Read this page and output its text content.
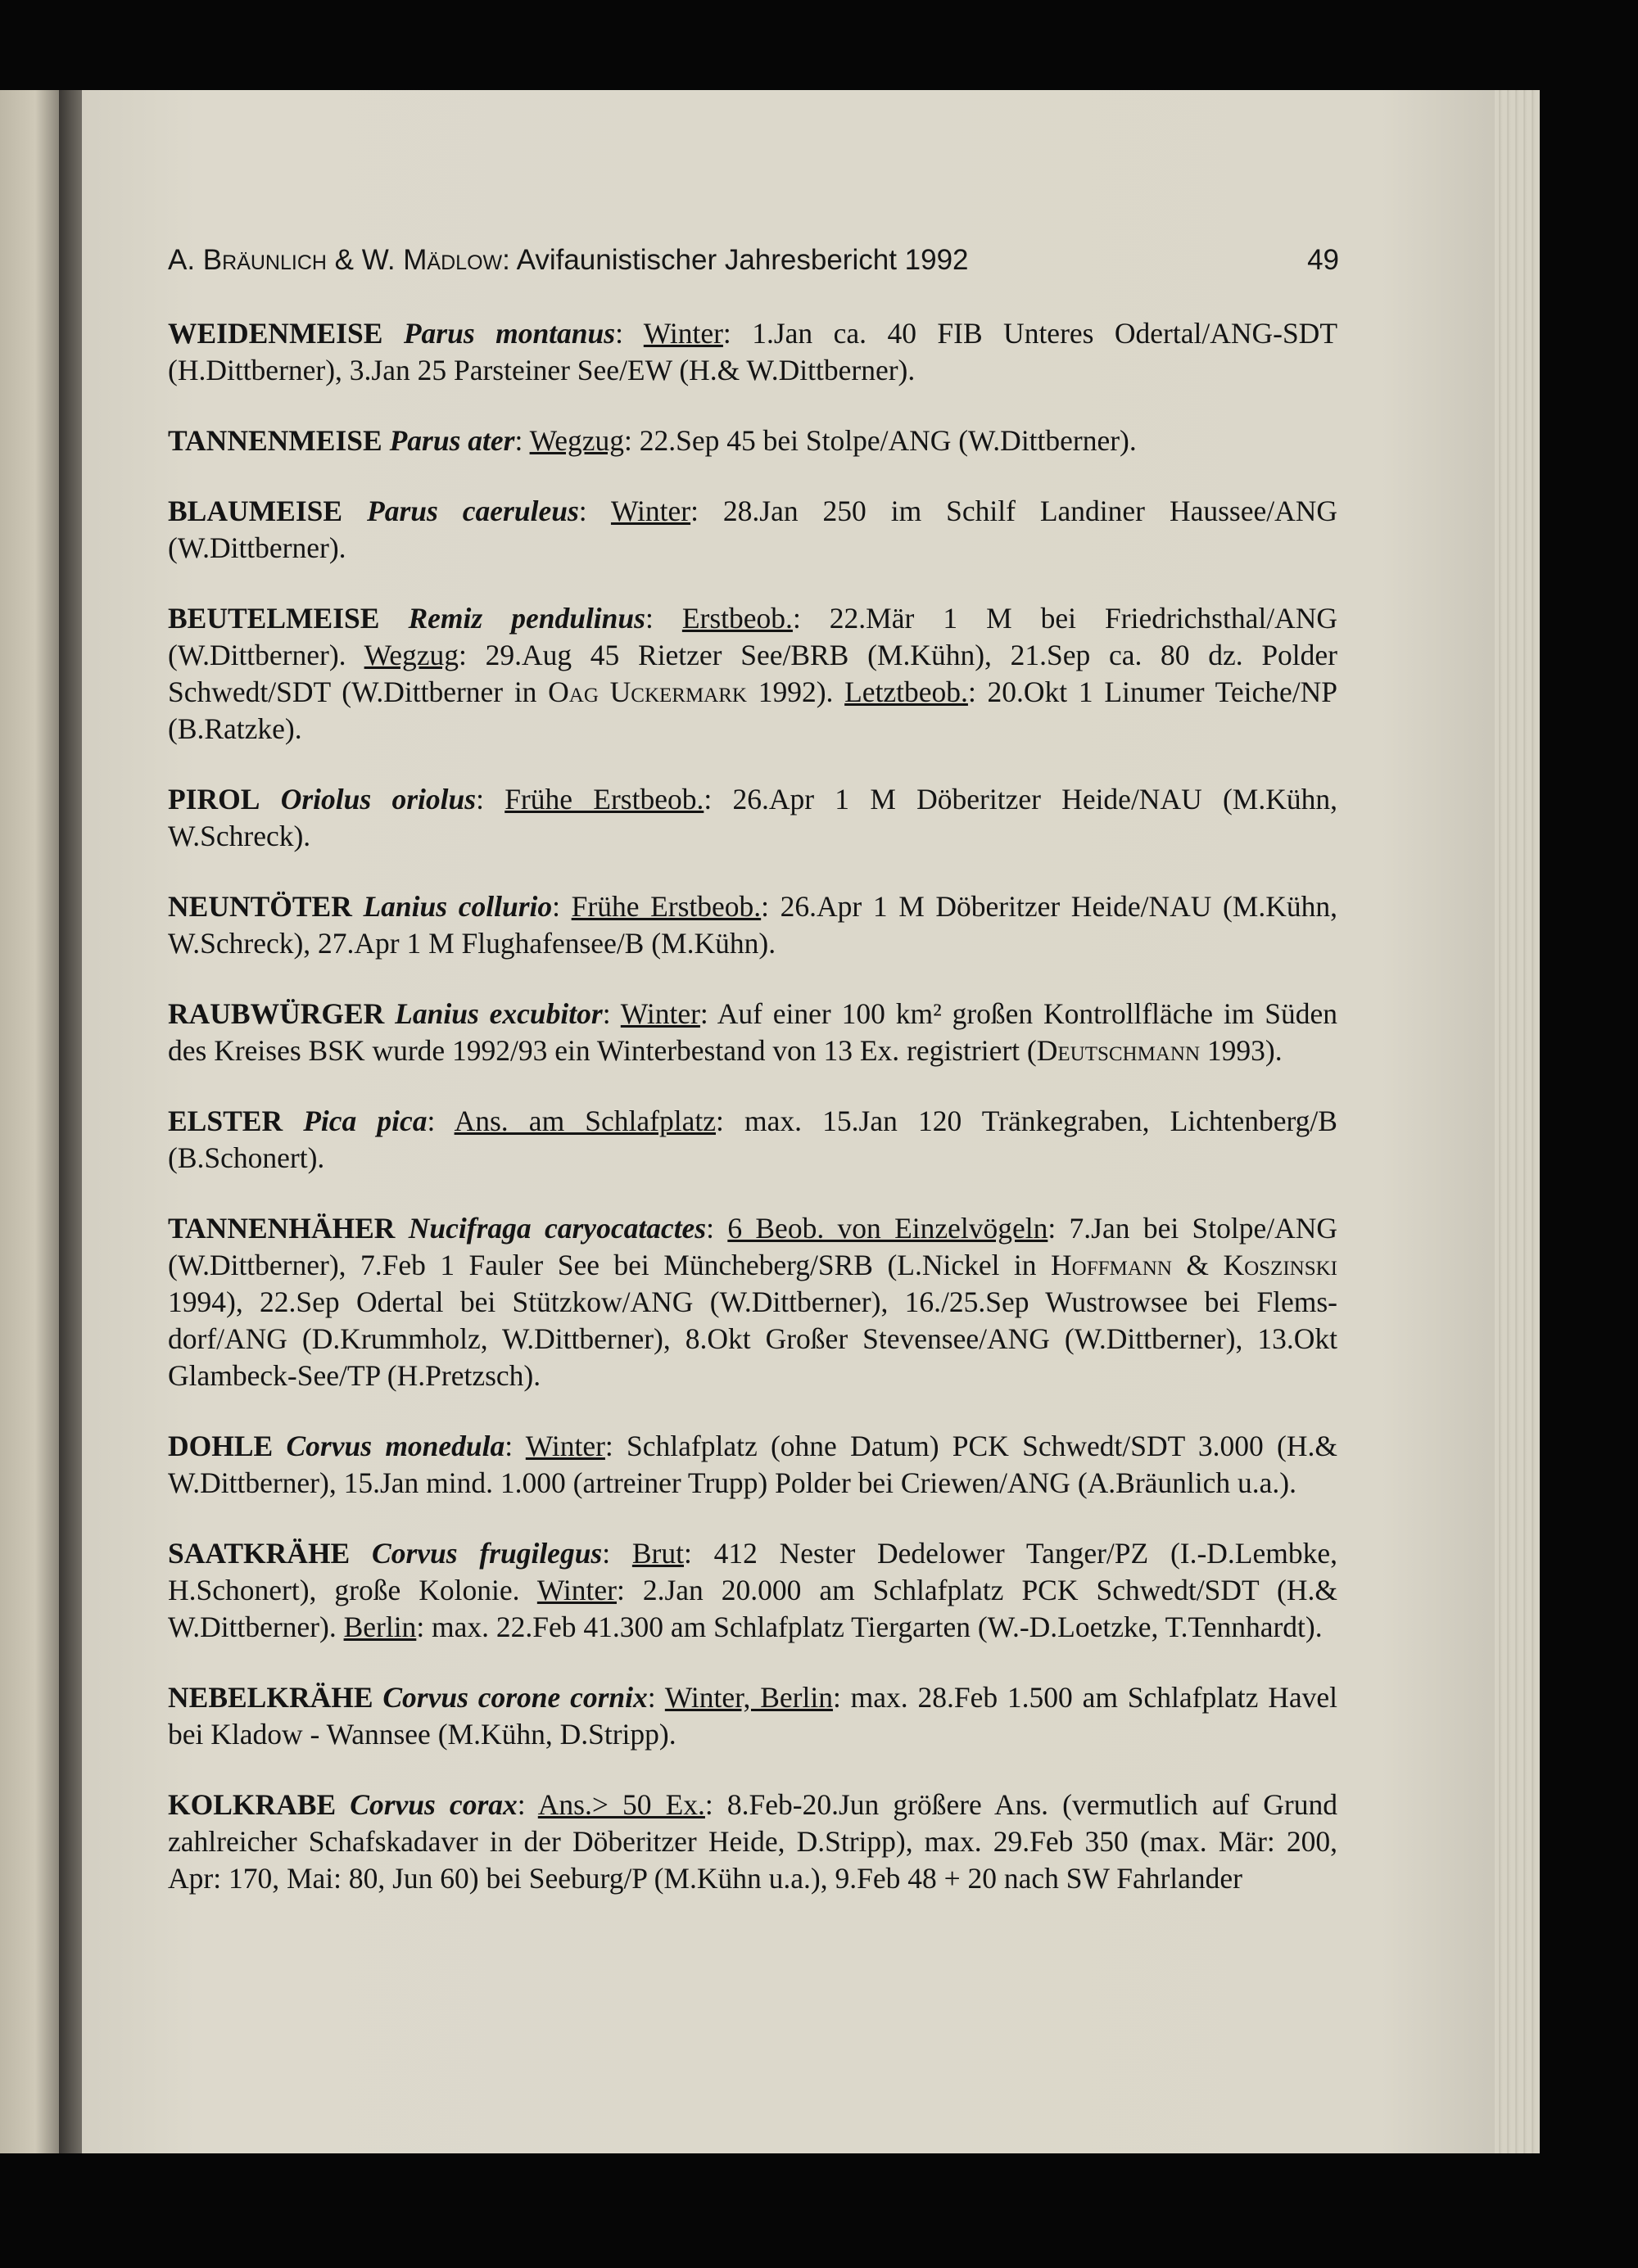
A. Bräunlich & W. Mädlow: Avifaunistischer Jahresbericht 1992	49

WEIDENMEISE Parus montanus: Winter: 1.Jan ca. 40 FIB Unteres Odertal/ANG-SDT (H.Dittberner), 3.Jan 25 Parsteiner See/EW (H.& W.Dittberner).

TANNENMEISE Parus ater: Wegzug: 22.Sep 45 bei Stolpe/ANG (W.Dittberner).

BLAUMEISE Parus caeruleus: Winter: 28.Jan 250 im Schilf Landiner Haussee/ANG (W.Dittberner).

BEUTELMEISE Remiz pendulinus: Erstbeob.: 22.Mär 1 M bei Friedrichsthal/ANG (W.Dittberner). Wegzug: 29.Aug 45 Rietzer See/BRB (M.Kühn), 21.Sep ca. 80 dz. Polder Schwedt/SDT (W.Dittberner in Oag Uckermark 1992). Letztbeob.: 20.Okt 1 Linumer Teiche/NP (B.Ratzke).

PIROL Oriolus oriolus: Frühe Erstbeob.: 26.Apr 1 M Döberitzer Heide/NAU (M.Kühn, W.Schreck).

NEUNTÖTER Lanius collurio: Frühe Erstbeob.: 26.Apr 1 M Döberitzer Heide/NAU (M.Kühn, W.Schreck), 27.Apr 1 M Flughafensee/B (M.Kühn).

RAUBWÜRGER Lanius excubitor: Winter: Auf einer 100 km² großen Kontrollfläche im Süden des Kreises BSK wurde 1992/93 ein Winterbestand von 13 Ex. registriert (Deutschmann 1993).

ELSTER Pica pica: Ans. am Schlafplatz: max. 15.Jan 120 Tränkegraben, Lichtenberg/B (B.Schonert).

TANNENHÄHER Nucifraga caryocatactes: 6 Beob. von Einzelvögeln: 7.Jan bei Stolpe/ANG (W.Dittberner), 7.Feb 1 Fauler See bei Müncheberg/SRB (L.Nickel in Hoffmann & Koszinski 1994), 22.Sep Odertal bei Stützkow/ANG (W.Dittberner), 16./25.Sep Wustrowsee bei Flemsdorf/ANG (D.Krummholz, W.Dittberner), 8.Okt Großer Stevensee/ANG (W.Dittberner), 13.Okt Glambeck-See/TP (H.Pretzsch).

DOHLE Corvus monedula: Winter: Schlafplatz (ohne Datum) PCK Schwedt/SDT 3.000 (H.& W.Dittberner), 15.Jan mind. 1.000 (artreiner Trupp) Polder bei Criewen/ANG (A.Bräunlich u.a.).

SAATKRÄHE Corvus frugilegus: Brut: 412 Nester Dedelower Tanger/PZ (I.-D.Lembke, H.Schonert), große Kolonie. Winter: 2.Jan 20.000 am Schlafplatz PCK Schwedt/SDT (H.& W.Dittberner). Berlin: max. 22.Feb 41.300 am Schlafplatz Tiergarten (W.-D.Loetzke, T.Tennhardt).

NEBELKRÄHE Corvus corone cornix: Winter, Berlin: max. 28.Feb 1.500 am Schlafplatz Havel bei Kladow - Wannsee (M.Kühn, D.Stripp).

KOLKRABE Corvus corax: Ans.> 50 Ex.: 8.Feb-20.Jun größere Ans. (vermutlich auf Grund zahlreicher Schafskadaver in der Döberitzer Heide, D.Stripp), max. 29.Feb 350 (max. Mär: 200, Apr: 170, Mai: 80, Jun 60) bei Seeburg/P (M.Kühn u.a.), 9.Feb 48 + 20 nach SW Fahrlander
